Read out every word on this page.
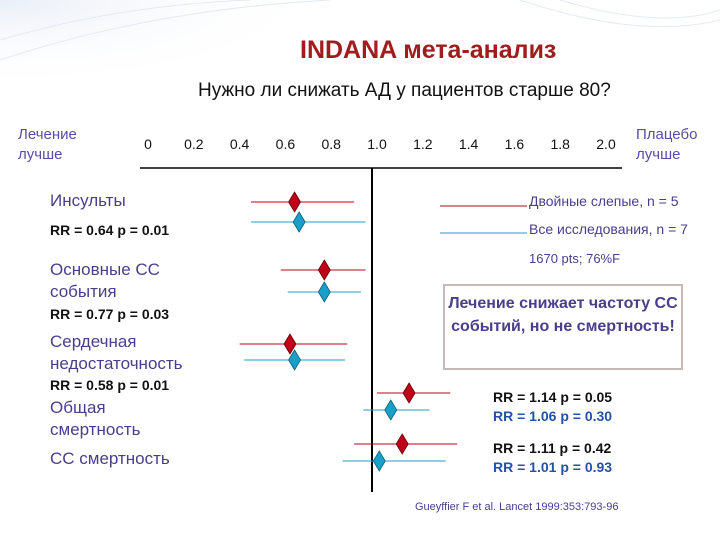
INDANA мета-анализ
Нужно ли снижать АД у пациентов старше 80?
Лечение лучше
Плацебо лучше
0	0.2	0.4	0.6	0.8	1.0	1.2	1.4	1.6	1.8	2.0
Инсульты
RR = 0.64 p = 0.01
Основные СС события
RR = 0.77 p = 0.03
Сердечная недостаточность
RR = 0.58 p = 0.01
Общая смертность
СС смертность
Двойные слепые, n = 5
Все исследования, n = 7
1670 pts; 76%F
Лечение снижает частоту СС событий, но не смертность!
RR = 1.14 p = 0.05
RR = 1.06 p = 0.30
RR = 1.11 p = 0.42
RR = 1.01 p = 0.93
Gueyffier F et al. Lancet 1999:353:793-96
